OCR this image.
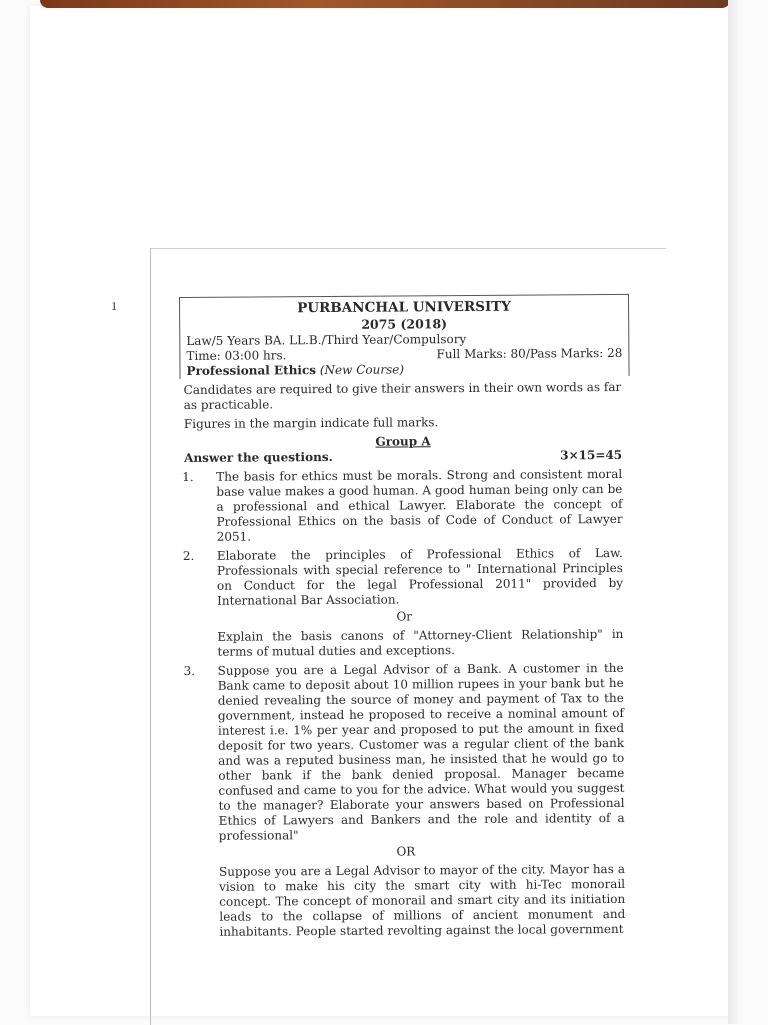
ı	PURBANCHAL UNIVERSITY
2075 (2018)
Law/5 Years BA. LL.B./Third Year/Compulsory
Time: 03:00 hrs.	Full Marks: 80/Pass Marks: 28
Professional Ethics (New Course)

Candidates are required to give their answers in their own words as far as practicable.

Figures in the margin indicate full marks.

Group A
Answer the questions.	3×15=45
1.	The basis for ethics must be morals. Strong and consistent moral base value makes a good human. A good human being only can be a professional and ethical Lawyer. Elaborate the concept of Professional Ethics on the basis of Code of Conduct of Lawyer 2051.
2.	Elaborate the principles of Professional Ethics of Law. Professionals with special reference to " International Principles on Conduct for the legal Professional 2011" provided by International Bar Association.
Or

Explain the basis canons of "Attorney-Client Relationship" in terms of mutual duties and exceptions.

3.	Suppose you are a Legal Advisor of a Bank. A customer in the Bank came to deposit about 10 million rupees in your bank but he denied revealing the source of money and payment of Tax to the government, instead he proposed to receive a nominal amount of interest i.e. 1% per year and proposed to put the amount in fixed deposit for two years. Customer was a regular client of the bank and was a reputed business man, he insisted that he would go to other bank if the bank denied proposal. Manager became confused and came to you for the advice. What would you suggest to the manager? Elaborate your answers based on Professional Ethics of Lawyers and Bankers and the role and identity of a professional"
OR

Suppose you are a Legal Advisor to mayor of the city. Mayor has a vision to make his city the smart city with hi-Tec monorail concept. The concept of monorail and smart city and its initiation leads to the collapse of millions of ancient monument and inhabitants. People started revolting against the local government
